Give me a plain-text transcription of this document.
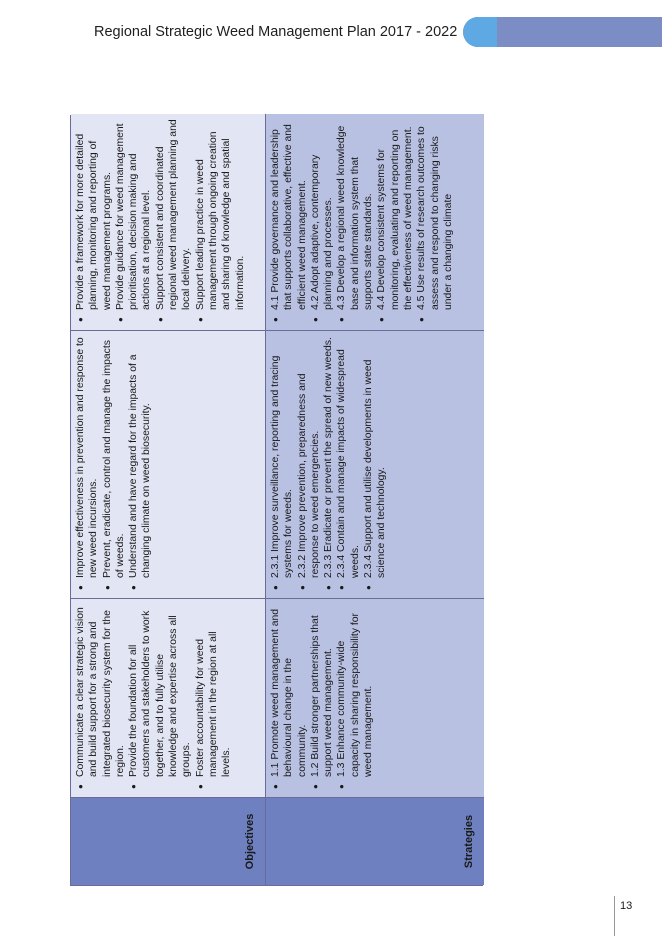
Regional Strategic Weed Management Plan 2017 - 2022
Objectives
● Communicate a clear strategic vision and build support for a strong and integrated biosecurity system for the region. ● Provide the foundation for all customers and stakeholders to work together, and to fully utilise knowledge and expertise across all groups. ● Foster accountability for weed management in the region at all levels.
● Improve effectiveness in prevention and response to new weed incursions. ● Prevent, eradicate, control and manage the impacts of weeds. ● Understand and have regard for the impacts of a changing climate on weed biosecurity.
● Provide a framework for more detailed planning, monitoring and reporting of weed management programs. ● Provide guidance for weed management prioritisation, decision making and actions at a regional level. ● Support consistent and coordinated regional weed management planning and local delivery. ● Support leading practice in weed management through ongoing creation and sharing of knowledge and spatial information.
Strategies
● 1.1 Promote weed management and behavioural change in the community. ● 1.2 Build stronger partnerships that support weed management. ● 1.3 Enhance community-wide capacity in sharing responsibility for weed management.
● 2.3.1 Improve surveillance, reporting and tracing systems for weeds. ● 2.3.2 Improve prevention, preparedness and response to weed emergencies. ● 2.3.3 Eradicate or prevent the spread of new weeds. ● 2.3.4 Contain and manage impacts of widespread weeds. ● 2.3.4 Support and utilise developments in weed science and technology.
● 4.1 Provide governance and leadership that supports collaborative, effective and efficient weed management. ● 4.2 Adopt adaptive, contemporary planning and processes. ● 4.3 Develop a regional weed knowledge base and information system that supports state standards. ● 4.4 Develop consistent systems for monitoring, evaluating and reporting on the effectiveness of weed management. ● 4.5 Use results of research outcomes to assess and respond to changing risks under a changing climate
13
